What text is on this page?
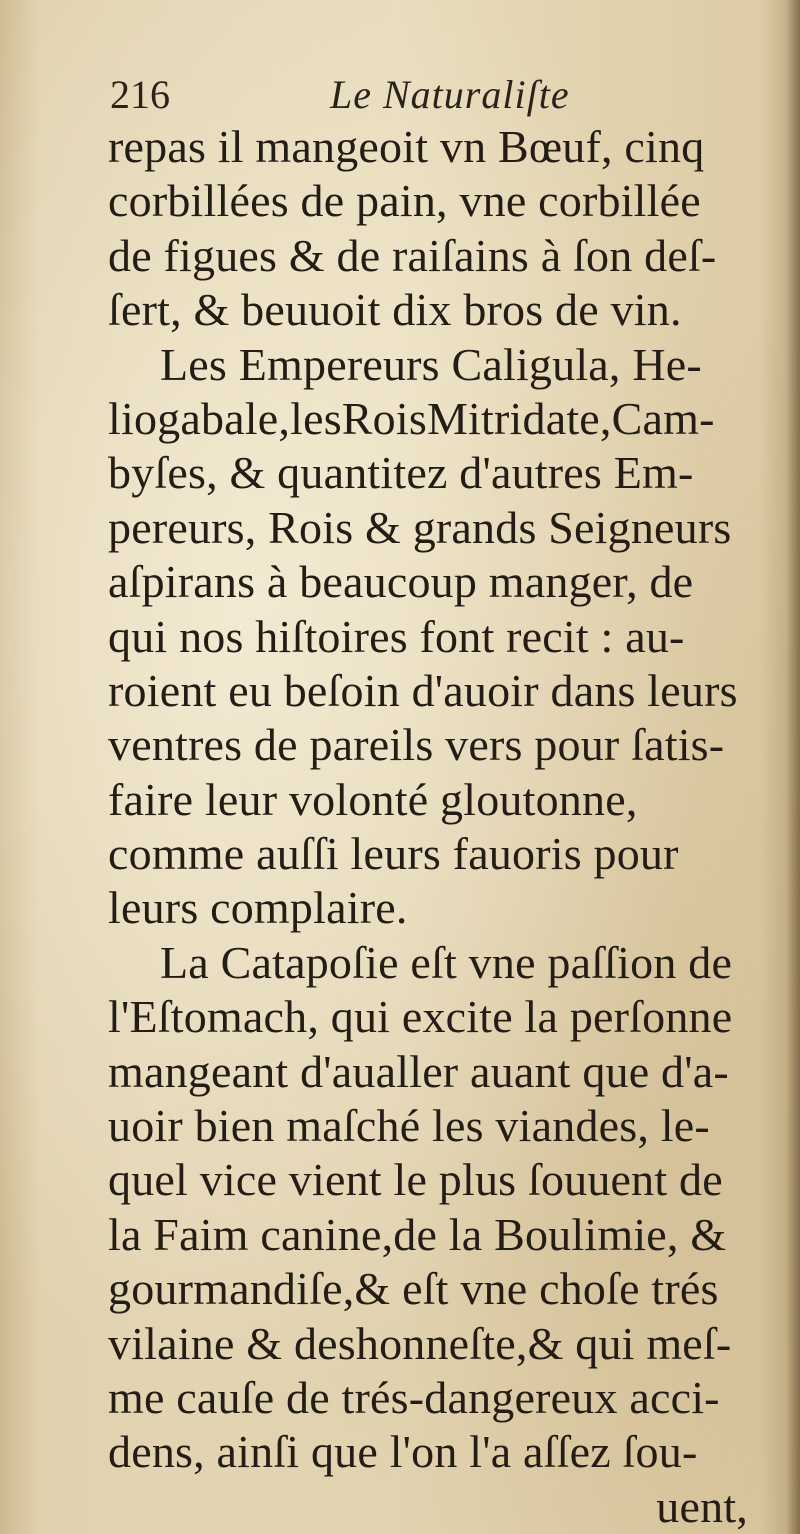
216	Le Naturaliſte
repas il mangeoit vn Bœuf, cinq
corbillées de pain, vne corbillée
de figues & de raiſains à ſon deſ-
ſert, & beuuoit dix bros de vin.
Les Empereurs Caligula, He-
liogabale,lesRoisMitridate,Cam-
byſes, & quantitez d'autres Em-
pereurs, Rois & grands Seigneurs
aſpirans à beaucoup manger, de
qui nos hiſtoires font recit : au-
roient eu beſoin d'auoir dans leurs
ventres de pareils vers pour ſatis-
faire leur volonté gloutonne,
comme auſſi leurs fauoris pour
leurs complaire.
La Catapoſie eſt vne paſſion de
l'Eſtomach, qui excite la perſonne
mangeant d'aualler auant que d'a-
uoir bien maſché les viandes, le-
quel vice vient le plus ſouuent de
la Faim canine,de la Boulimie, &
gourmandiſe,& eſt vne choſe trés
vilaine & deshonneſte,& qui meſ-
me cauſe de trés-dangereux acci-
dens, ainſi que l'on l'a aſſez ſou-
uent,
